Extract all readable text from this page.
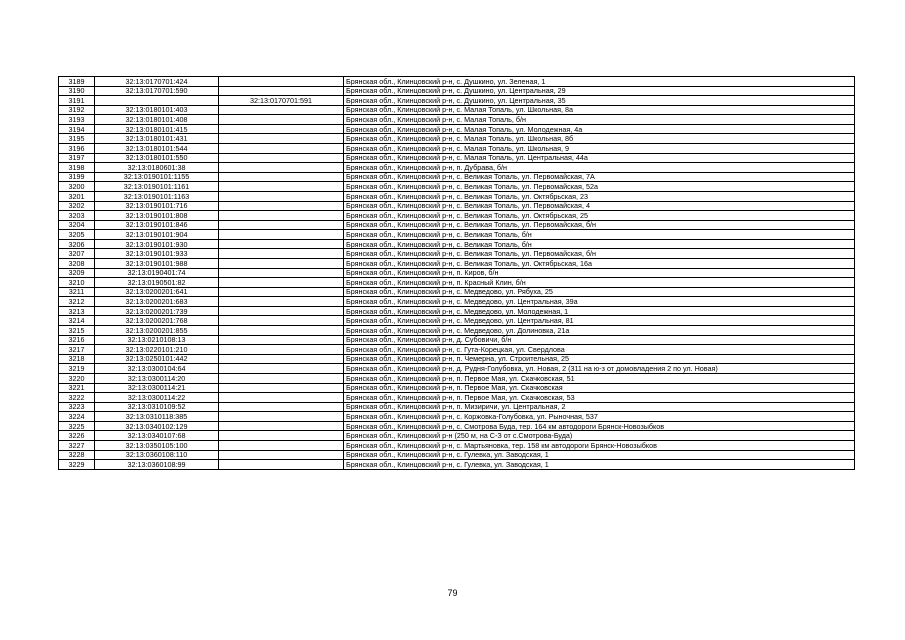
3189	32:13:0170701:424		Брянская обл., Клинцовский р-н, с. Душкино, ул. Зеленая, 1
3190	32:13:0170701:590		Брянская обл., Клинцовский р-н, с. Душкино, ул. Центральная, 29
3191		32:13:0170701:591	Брянская обл., Клинцовский р-н, с. Душкино, ул. Центральная, 35
3192	32:13:0180101:403		Брянская обл., Клинцовский р-н, с. Малая Топаль, ул. Школьная, 8а
3193	32:13:0180101:408		Брянская обл., Клинцовский р-н, с. Малая Топаль, б/н
3194	32:13:0180101:415		Брянская обл., Клинцовский р-н, с. Малая Топаль, ул. Молодежная, 4а
3195	32:13:0180101:431		Брянская обл., Клинцовский р-н, с. Малая Топаль, ул. Школьная, 8б
3196	32:13:0180101:544		Брянская обл., Клинцовский р-н, с. Малая Топаль, ул. Школьная, 9
3197	32:13:0180101:550		Брянская обл., Клинцовский р-н, с. Малая Топаль, ул. Центральная, 44а
3198	32:13:0180601:38		Брянская обл., Клинцовский р-н, п. Дубрава, б/н
3199	32:13:0190101:1155		Брянская обл., Клинцовский р-н, с. Великая Топаль, ул. Первомайская, 7А
3200	32:13:0190101:1161		Брянская обл., Клинцовский р-н, с. Великая Топаль, ул. Первомайская, 52а
3201	32:13:0190101:1163		Брянская обл., Клинцовский р-н, с. Великая Топаль, ул. Октябрьская, 23
3202	32:13:0190101:716		Брянская обл., Клинцовский р-н, с. Великая Топаль, ул. Первомайская, 4
3203	32:13:0190101:808		Брянская обл., Клинцовский р-н, с. Великая Топаль, ул. Октябрьская, 25
3204	32:13:0190101:846		Брянская обл., Клинцовский р-н, с. Великая Топаль, ул. Первомайская, б/н
3205	32:13:0190101:904		Брянская обл., Клинцовский р-н, с. Великая Топаль, б/н
3206	32:13:0190101:930		Брянская обл., Клинцовский р-н, с. Великая Топаль, б/н
3207	32:13:0190101:933		Брянская обл., Клинцовский р-н, с. Великая Топаль, ул. Первомайская, б/н
3208	32:13:0190101:988		Брянская обл., Клинцовский р-н, с. Великая Топаль, ул. Октябрьская, 16а
3209	32:13:0190401:74		Брянская обл., Клинцовский р-н, п. Киров, б/н
3210	32:13:0190501:82		Брянская обл., Клинцовский р-н, п. Красный Клин, б/н
3211	32:13:0200201:641		Брянская обл., Клинцовский р-н, с. Медведово, ул. Рябуха, 25
3212	32:13:0200201:683		Брянская обл., Клинцовский р-н, с. Медведово, ул. Центральная, 39а
3213	32:13:0200201:739		Брянская обл., Клинцовский р-н, с. Медведово, ул. Молодежная, 1
3214	32:13:0200201:768		Брянская обл., Клинцовский р-н, с. Медведово, ул. Центральная, 81
3215	32:13:0200201:855		Брянская обл., Клинцовский р-н, с. Медведово, ул. Долиновка, 21а
3216	32:13:0210108:13		Брянская обл., Клинцовский р-н, д. Субовичи, б/н
3217	32:13:0220101:210		Брянская обл., Клинцовский р-н, с. Гута-Корецкая, ул. Свердлова
3218	32:13:0250101:442		Брянская обл., Клинцовский р-н, п. Чемерна, ул. Строительная, 25
3219	32:13:0300104:64		Брянская обл., Клинцовский р-н, д. Рудня-Голубовка, ул. Новая, 2 (311 на ю-з от домовладения 2 по ул. Новая)
3220	32:13:0300114:20		Брянская обл., Клинцовский р-н, п. Первое Мая, ул. Скачковская, 51
3221	32:13:0300114:21		Брянская обл., Клинцовский р-н, п. Первое Мая, ул. Скачковская
3222	32:13:0300114:22		Брянская обл., Клинцовский р-н, п. Первое Мая, ул. Скачковская, 53
3223	32:13:0310109:52		Брянская обл., Клинцовский р-н, п. Мизиричи, ул. Центральная, 2
3224	32:13:0310118:385		Брянская обл., Клинцовский р-н, с. Коржовка-Голубовка, ул. Рыночная, 537
3225	32:13:0340102:129		Брянская обл., Клинцовский р-н, с. Смотрова Буда, тер. 164 км автодороги Брянск-Новозыбков
3226	32:13:0340107:68		Брянская обл., Клинцовский р-н (250 м, на С-З от с.Смотрова-Буда)
3227	32:13:0350105:100		Брянская обл., Клинцовский р-н, с. Мартьяновка, тер. 158 км автодороги Брянск-Новозыбков
3228	32:13:0360108:110		Брянская обл., Клинцовский р-н, с. Гулевка, ул. Заводская, 1
3229	32:13:0360108:99		Брянская обл., Клинцовский р-н, с. Гулевка, ул. Заводская, 1
79
